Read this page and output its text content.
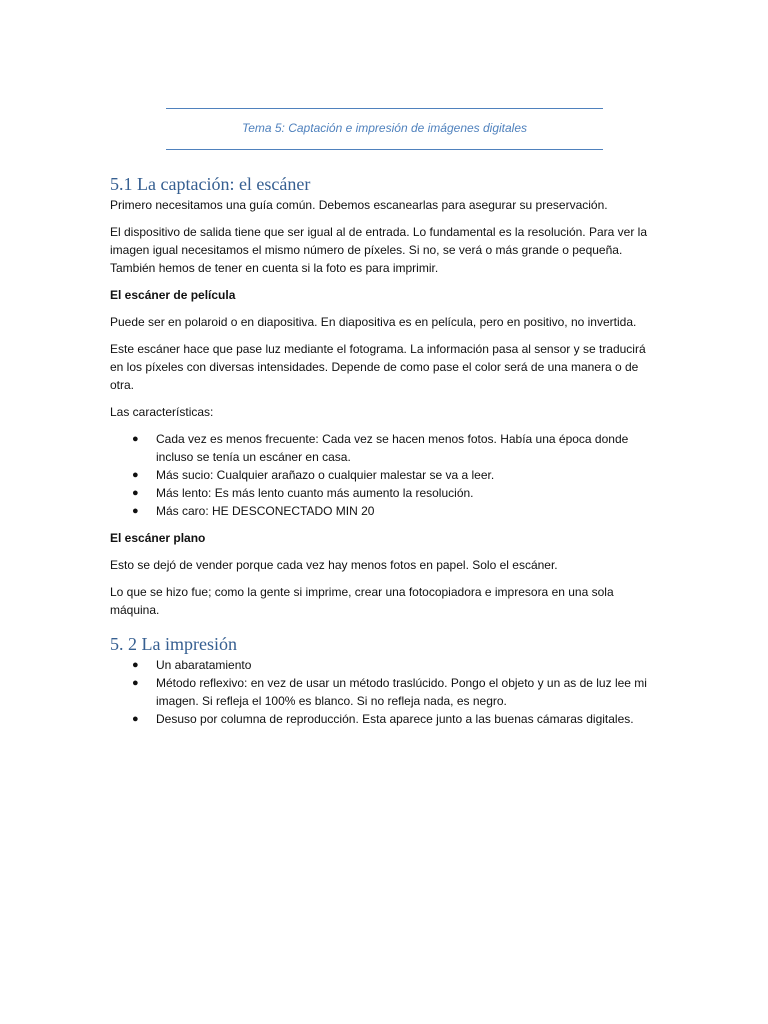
Tema 5: Captación e impresión de imágenes digitales
5.1 La captación: el escáner

Primero necesitamos una guía común. Debemos escanearlas para asegurar su preservación.

El dispositivo de salida tiene que ser igual al de entrada. Lo fundamental es la resolución. Para ver la imagen igual necesitamos el mismo número de píxeles. Si no, se verá o más grande o pequeña. También hemos de tener en cuenta si la foto es para imprimir.

El escáner de película

Puede ser en polaroid o en diapositiva. En diapositiva es en película, pero en positivo, no invertida.

Este escáner hace que pase luz mediante el fotograma. La información pasa al sensor y se traducirá en los píxeles con diversas intensidades. Depende de como pase el color será de una manera o de otra.

Las características:

● Cada vez es menos frecuente: Cada vez se hacen menos fotos. Había una época donde incluso se tenía un escáner en casa.
● Más sucio: Cualquier arañazo o cualquier malestar se va a leer.
● Más lento: Es más lento cuanto más aumento la resolución.
● Más caro: HE DESCONECTADO MIN 20

El escáner plano

Esto se dejó de vender porque cada vez hay menos fotos en papel. Solo el escáner.

Lo que se hizo fue; como la gente si imprime, crear una fotocopiadora e impresora en una sola máquina.

5. 2 La impresión
● Un abaratamiento
● Método reflexivo: en vez de usar un método traslúcido. Pongo el objeto y un as de luz lee mi imagen. Si refleja el 100% es blanco. Si no refleja nada, es negro.
● Desuso por columna de reproducción. Esta aparece junto a las buenas cámaras digitales.
